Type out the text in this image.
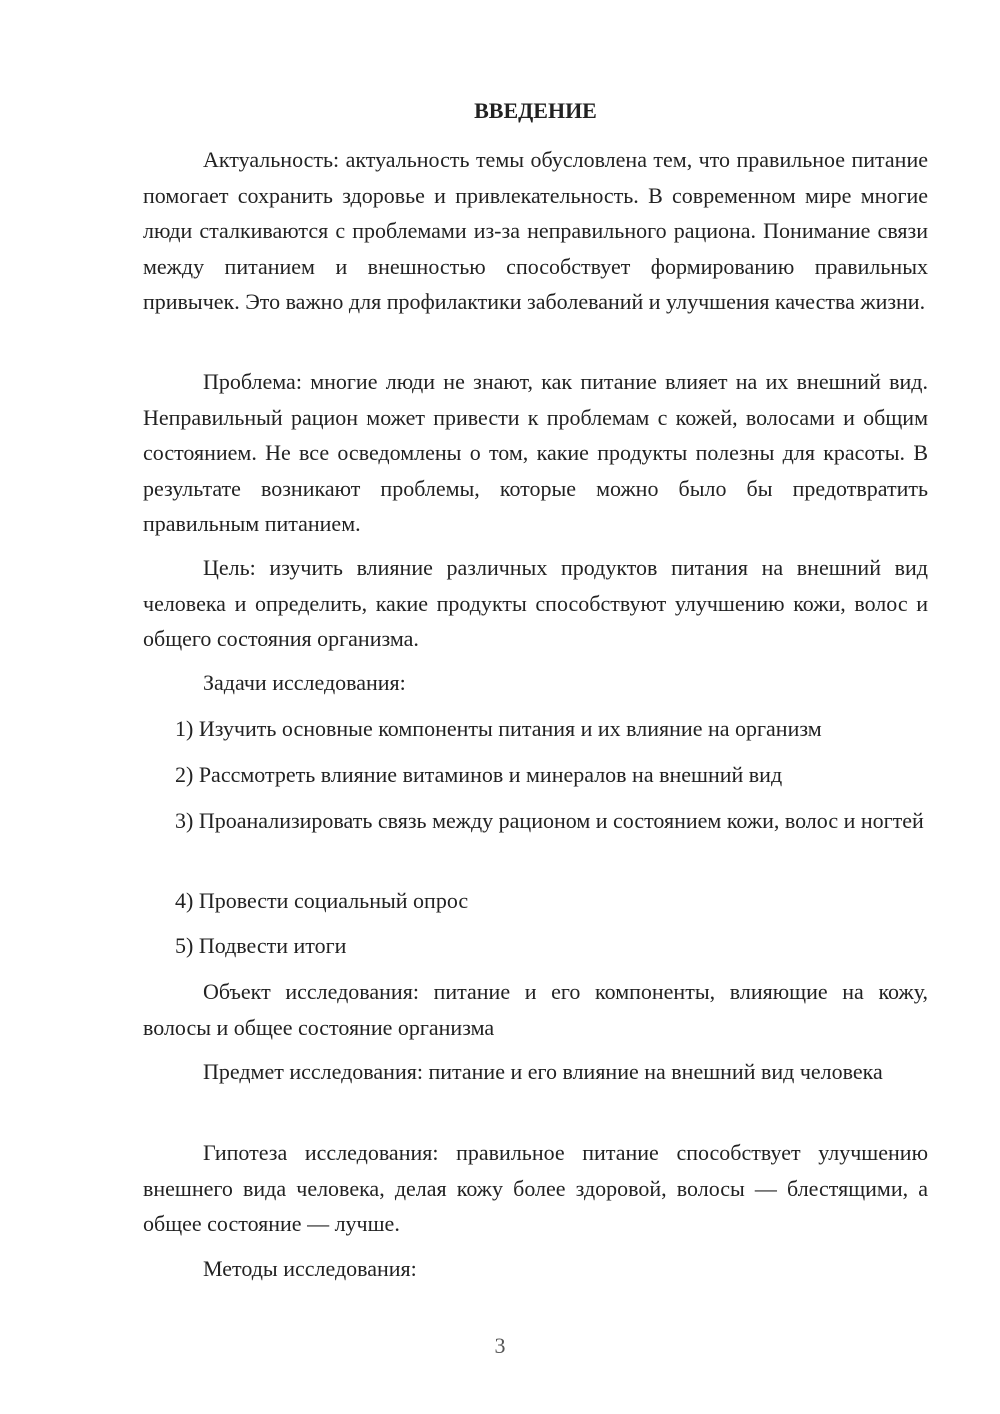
ВВЕДЕНИЕ

Актуальность: актуальность темы обусловлена тем, что правильное питание помогает сохранить здоровье и привлекательность. В современном мире многие люди сталкиваются с проблемами из-за неправильного рациона. Понимание связи между питанием и внешностью способствует формированию правильных привычек. Это важно для профилактики заболеваний и улучшения качества жизни.

Проблема: многие люди не знают, как питание влияет на их внешний вид. Неправильный рацион может привести к проблемам с кожей, волосами и общим состоянием. Не все осведомлены о том, какие продукты полезны для красоты. В результате возникают проблемы, которые можно было бы предотвратить правильным питанием.

Цель: изучить влияние различных продуктов питания на внешний вид человека и определить, какие продукты способствуют улучшению кожи, волос и общего состояния организма.

Задачи исследования:

1) Изучить основные компоненты питания и их влияние на организм

2) Рассмотреть влияние витаминов и минералов на внешний вид

3) Проанализировать связь между рационом и состоянием кожи, волос и ногтей

4) Провести социальный опрос

5) Подвести итоги

Объект исследования: питание и его компоненты, влияющие на кожу, волосы и общее состояние организма

Предмет исследования: питание и его влияние на внешний вид человека

Гипотеза исследования: правильное питание способствует улучшению внешнего вида человека, делая кожу более здоровой, волосы — блестящими, а общее состояние — лучше.

Методы исследования:

3
